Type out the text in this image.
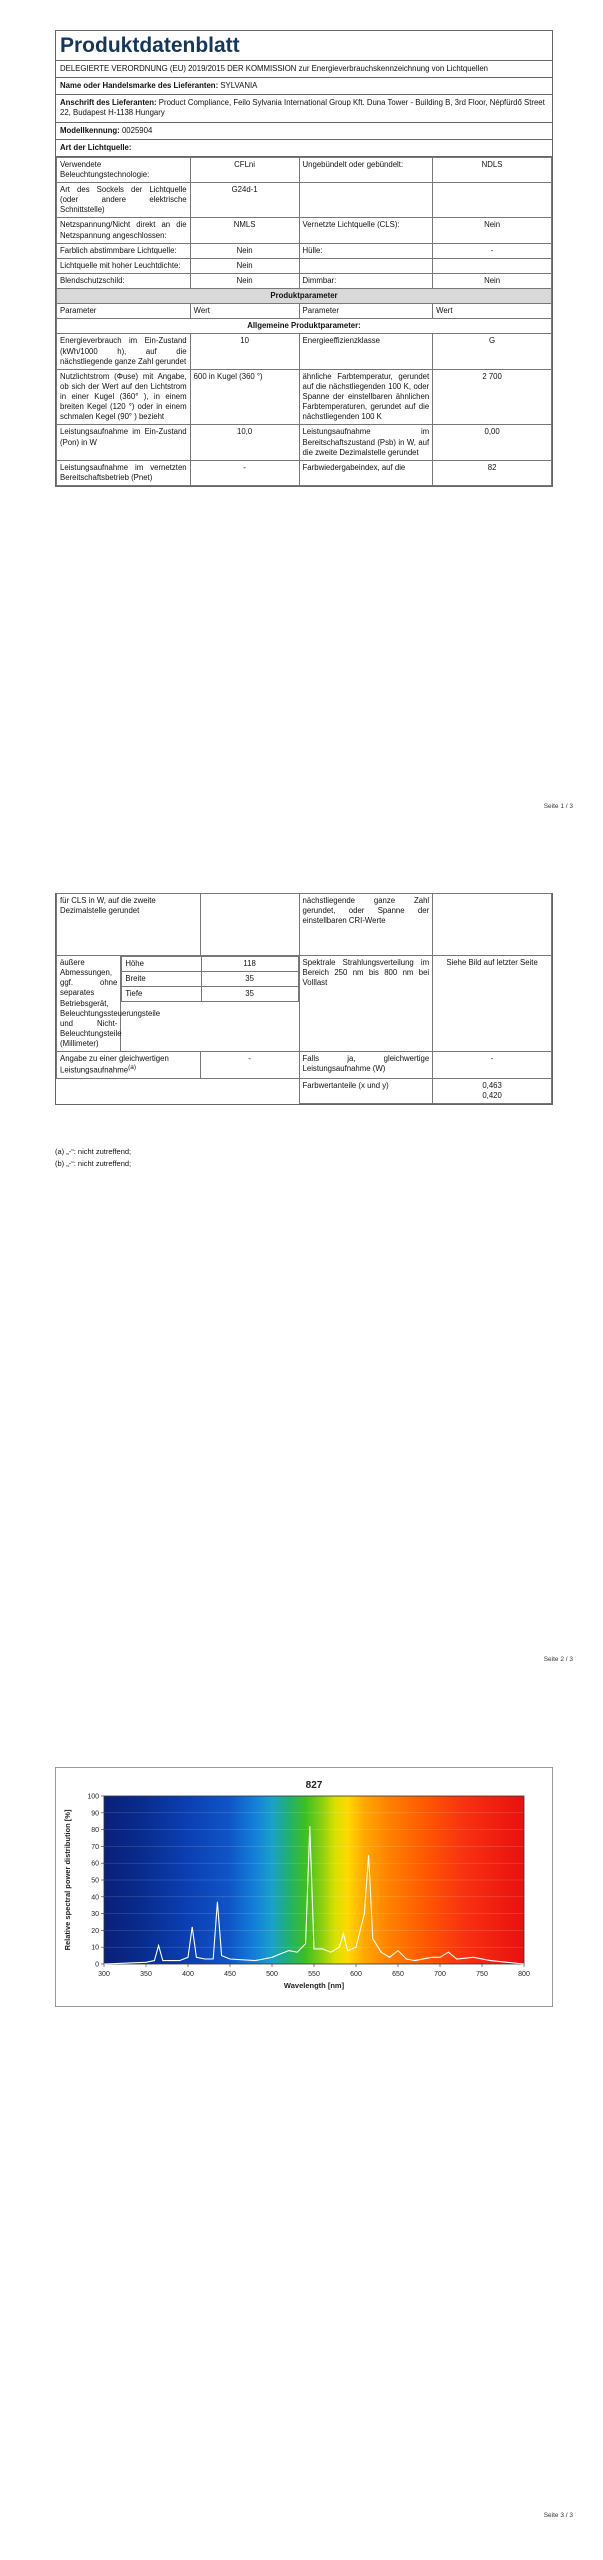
Produktdatenblatt
DELEGIERTE VERORDNUNG (EU) 2019/2015 DER KOMMISSION zur Energieverbrauchskennzeichnung von Lichtquellen
Name oder Handelsmarke des Lieferanten: SYLVANIA
Anschrift des Lieferanten: Product Compliance, Feilo Sylvania International Group Kft. Duna Tower - Building B, 3rd Floor, Népfürdő Street 22, Budapest H-1138 Hungary
Modellkennung: 0025904
Art der Lichtquelle:
Verwendete Beleuchtungstechnologie:	CFLni	Ungebündelt oder gebündelt:	NDLS
Art des Sockels der Lichtquelle (oder andere elektrische Schnittstelle)	G24d-1		
Netzspannung/Nicht direkt an die Netzspannung angeschlossen:	NMLS	Vernetzte Lichtquelle (CLS):	Nein
Farblich abstimmbare Lichtquelle:	Nein	Hülle:	-
Lichtquelle mit hoher Leuchtdichte:	Nein		
Blendschutzschild:	Nein	Dimmbar:	Nein
Produktparameter			
Parameter	Wert	Parameter	Wert
Allgemeine Produktparameter:			
Energieverbrauch im Ein-Zustand (kWh/1000 h), auf die nächstliegende ganze Zahl gerundet	10	Energieeffizienzklasse	G
Nutzlichtstrom (Φuse) mit Angabe, ob sich der Wert auf den Lichtstrom in einer Kugel (360° ), in einem breiten Kegel (120 °) oder in einem schmalen Kegel (90° ) bezieht	600 in Kugel (360 °)	ähnliche Farbtemperatur, gerundet auf die nächstliegenden 100 K, oder Spanne der einstellbaren ähnlichen Farbtemperaturen, gerundet auf die nächstliegenden 100 K	2 700
Leistungsaufnahme im Ein-Zustand (Pon) in W	10,0	Leistungsaufnahme im Bereitschaftszustand (Psb) in W, auf die zweite Dezimalstelle gerundet	0,00
Leistungsaufnahme im vernetzten Bereitschaftsbetrieb (Pnet)	-	Farbwiedergabeindex, auf die	82
Seite 1 / 3
für CLS in W, auf die zweite Dezimalstelle gerundet		nächstliegende ganze Zahl gerundet, oder Spanne der einstellbaren CRI-Werte	
äußere Abmessungen, ggf. ohne separates Betriebsgerät, Beleuchtungssteuerungsteile und Nicht-Beleuchtungsteile (Millimeter)	
Höhe	118
Breite	35
Tiefe	35
	Spektrale Strahlungsverteilung im Bereich 250 nm bis 800 nm bei Volllast	Siehe Bild auf letzter Seite
Angabe zu einer gleichwertigen Leistungsaufnahme$^{(a)}$	-	Falls ja, gleichwertige Leistungsaufnahme (W)	-
		Farbwertanteile (x und y)	0,463
0,420
(a) „-“: nicht zutreffend;
(b) „-“: nicht zutreffend;
Seite 2 / 3
827
300	350	400	450	500	550	600	650	700	750	800
0
10
20
30
40
50
60
70
80
90
100
Wavelength [nm]
Relative spectral power distribution [%]
Seite 3 / 3
